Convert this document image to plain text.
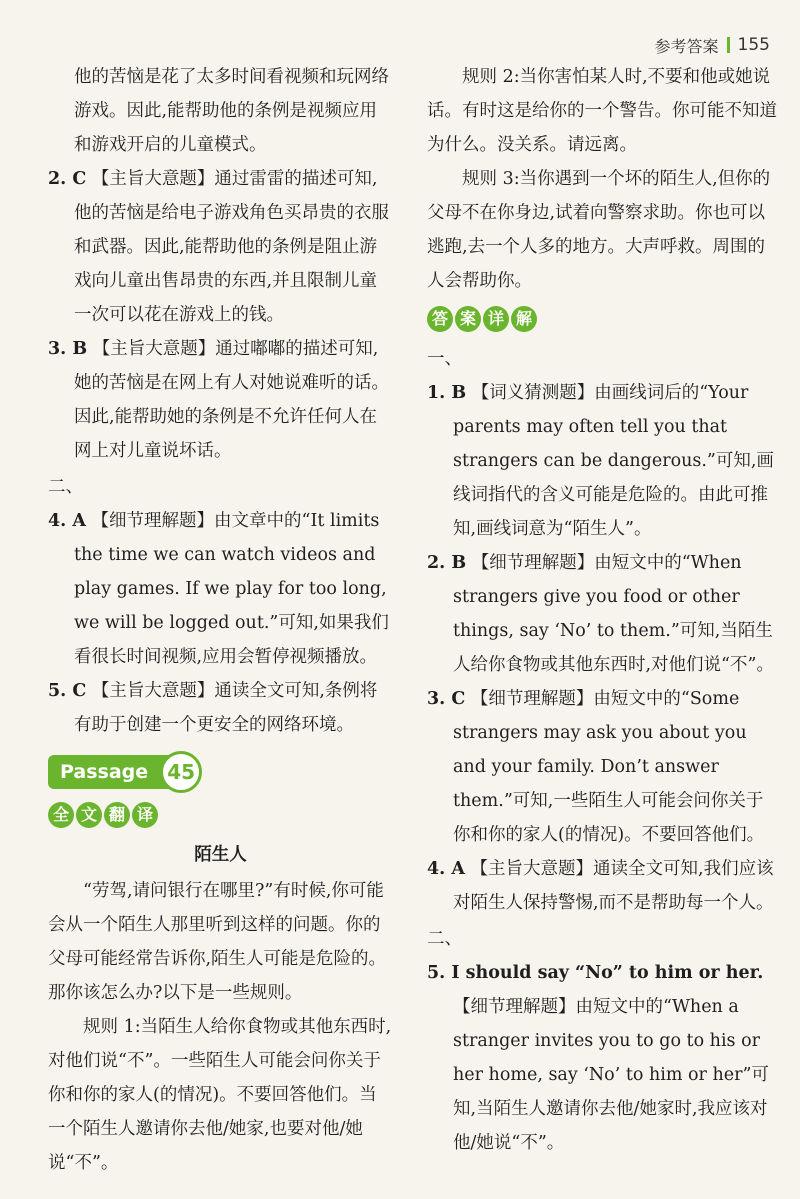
参考答案 155

他的苦恼是花了太多时间看视频和玩网络游戏。因此,能帮助他的条例是视频应用和游戏开启的儿童模式。

2. C 【主旨大意题】通过雷雷的描述可知,他的苦恼是给电子游戏角色买昂贵的衣服和武器。因此,能帮助他的条例是阻止游戏向儿童出售昂贵的东西,并且限制儿童一次可以花在游戏上的钱。

3. B 【主旨大意题】通过嘟嘟的描述可知,她的苦恼是在网上有人对她说难听的话。因此,能帮助她的条例是不允许任何人在网上对儿童说坏话。

二、

4. A 【细节理解题】由文章中的“It limits the time we can watch videos and play games. If we play for too long, we will be logged out.”可知,如果我们看很长时间视频,应用会暂停视频播放。

5. C 【主旨大意题】通读全文可知,条例将有助于创建一个更安全的网络环境。

Passage 45
全 文 翻 译

陌生人

“劳驾,请问银行在哪里?”有时候,你可能会从一个陌生人那里听到这样的问题。你的父母可能经常告诉你,陌生人可能是危险的。那你该怎么办?以下是一些规则。

规则 1:当陌生人给你食物或其他东西时,对他们说“不”。一些陌生人可能会问你关于你和你的家人(的情况)。不要回答他们。当一个陌生人邀请你去他/她家,也要对他/她说“不”。

规则 2:当你害怕某人时,不要和他或她说话。有时这是给你的一个警告。你可能不知道为什么。没关系。请远离。

规则 3:当你遇到一个坏的陌生人,但你的父母不在你身边,试着向警察求助。你也可以逃跑,去一个人多的地方。大声呼救。周围的人会帮助你。

答 案 详 解

一、

1. B 【词义猜测题】由画线词后的“Your parents may often tell you that strangers can be dangerous.”可知,画线词指代的含义可能是危险的。由此可推知,画线词意为“陌生人”。

2. B 【细节理解题】由短文中的“When strangers give you food or other things, say ‘No’ to them.”可知,当陌生人给你食物或其他东西时,对他们说“不”。

3. C 【细节理解题】由短文中的“Some strangers may ask you about you and your family. Don’t answer them.”可知,一些陌生人可能会问你关于你和你的家人(的情况)。不要回答他们。

4. A 【主旨大意题】通读全文可知,我们应该对陌生人保持警惕,而不是帮助每一个人。

二、

5. I should say “No” to him or her. 【细节理解题】由短文中的“When a stranger invites you to go to his or her home, say ‘No’ to him or her”可知,当陌生人邀请你去他/她家时,我应该对他/她说“不”。
